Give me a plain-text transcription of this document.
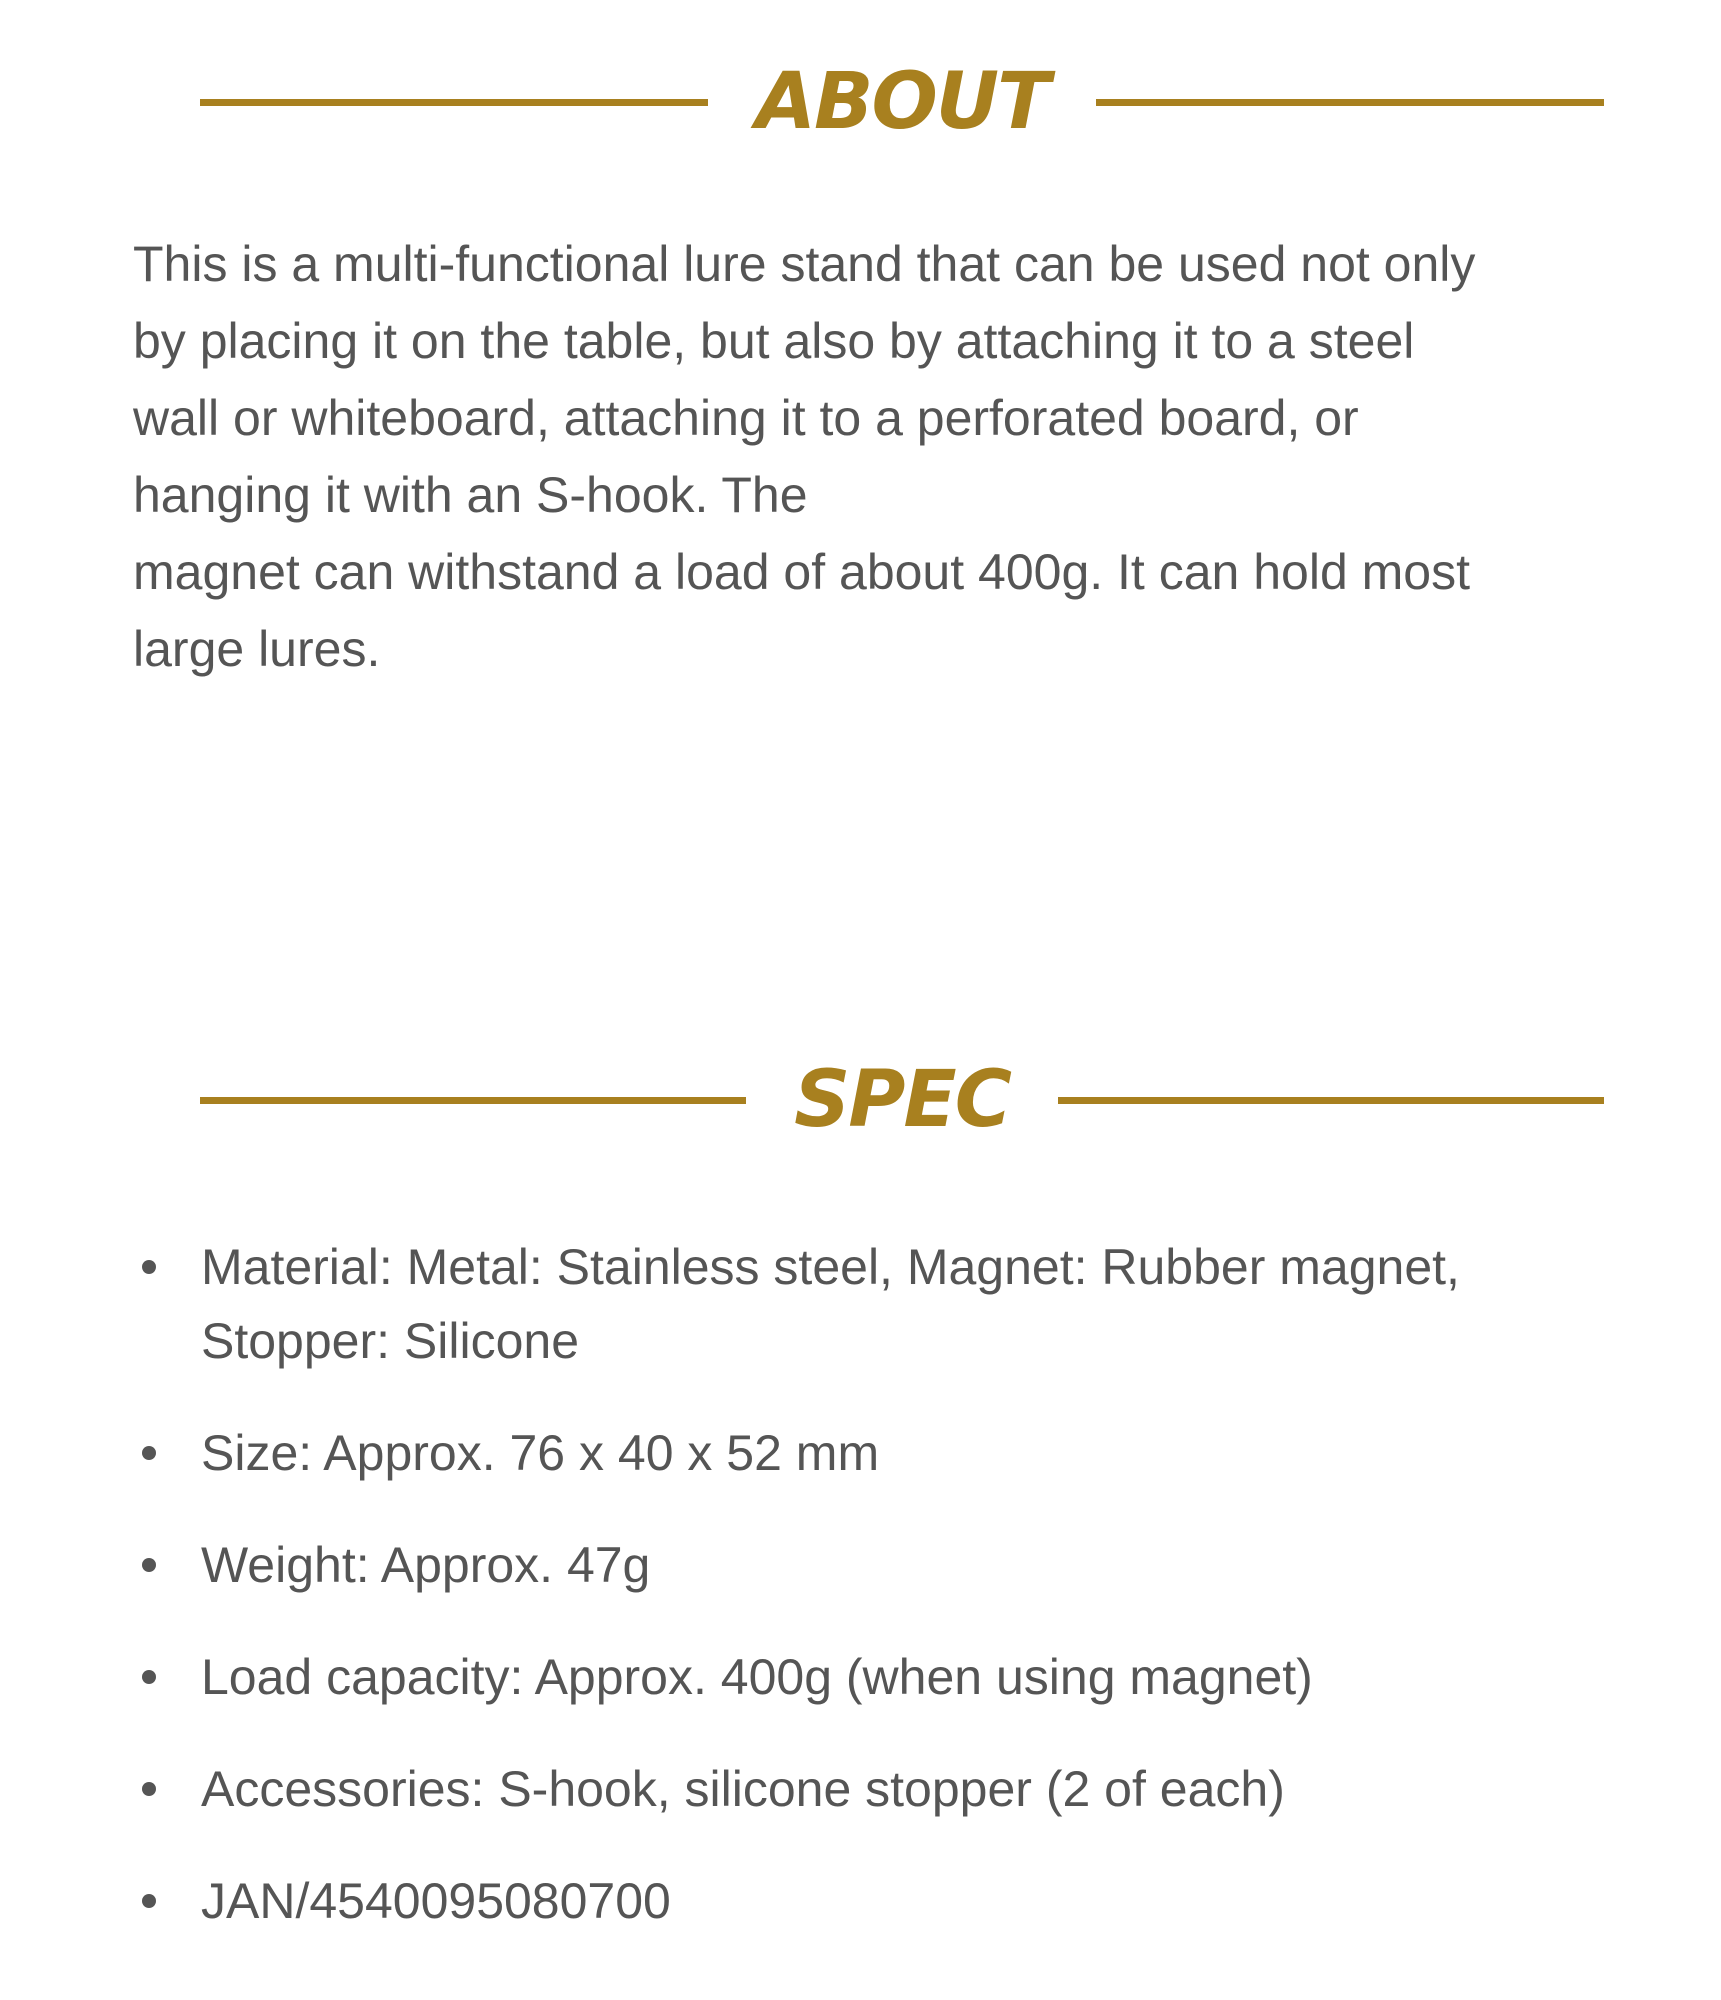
ABOUT

This is a multi-functional lure stand that can be used not only
by placing it on the table, but also by attaching it to a steel
wall or whiteboard, attaching it to a perforated board, or
hanging it with an S-hook. The
magnet can withstand a load of about 400g. It can hold most
large lures.

SPEC
Material: Metal: Stainless steel, Magnet: Rubber magnet, Stopper: Silicone
Size: Approx. 76 x 40 x 52 mm
Weight: Approx. 47g
Load capacity: Approx. 400g (when using magnet)
Accessories: S-hook, silicone stopper (2 of each)
JAN/4540095080700
